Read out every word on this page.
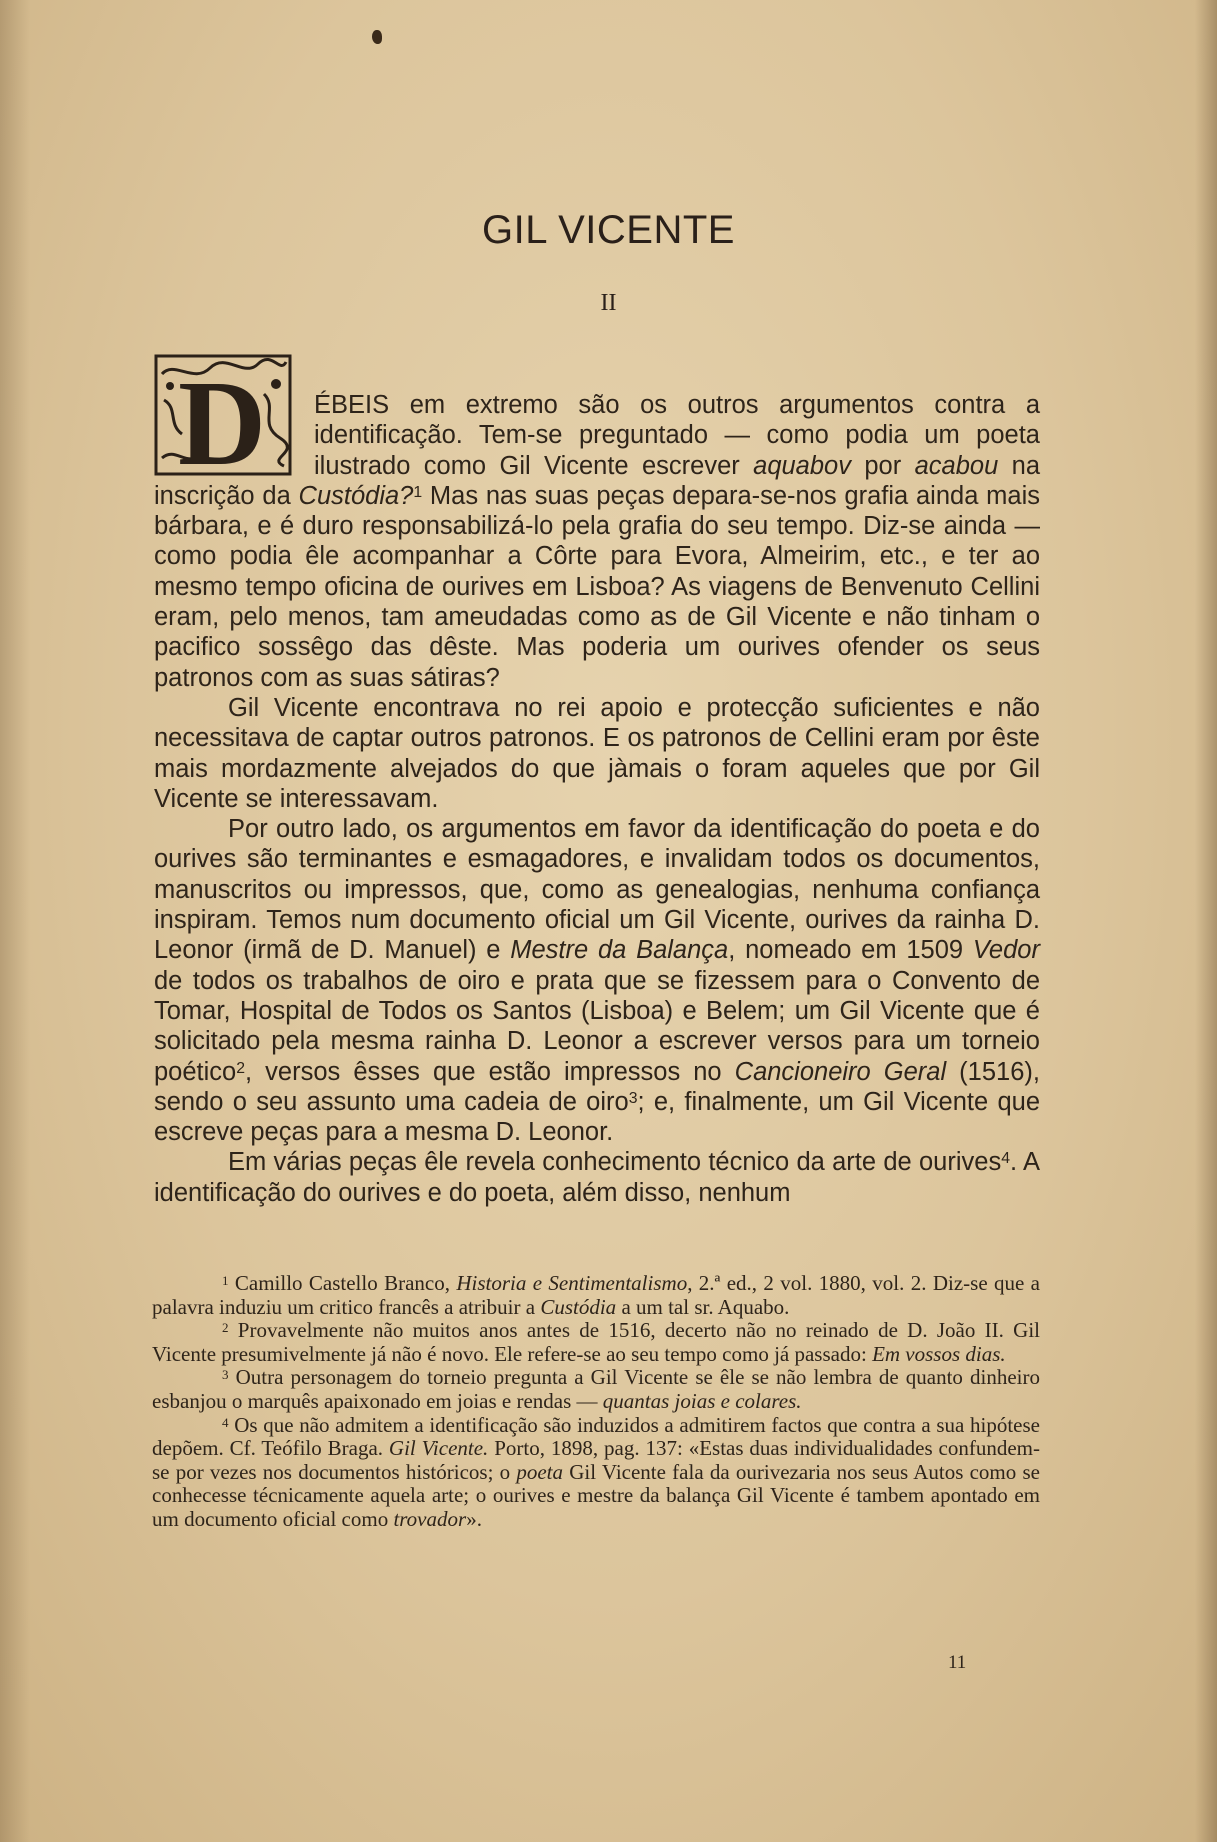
GIL VICENTE
II

D ÉBEIS em extremo são os outros argumentos contra a identificação. Tem-se preguntado — como podia um poeta ilustrado como Gil Vicente escrever aquabov por acabou na inscrição da Custódia?$^1$ Mas nas suas peças depara-se-nos grafia ainda mais bárbara, e é duro responsabilizá-lo pela grafia do seu tempo. Diz-se ainda — como podia êle acompanhar a Côrte para Evora, Almeirim, etc., e ter ao mesmo tempo oficina de ourives em Lisboa? As viagens de Benvenuto Cellini eram, pelo menos, tam ameudadas como as de Gil Vicente e não tinham o pacifico sossêgo das dêste. Mas poderia um ourives ofender os seus patronos com as suas sátiras?

Gil Vicente encontrava no rei apoio e protecção suficientes e não necessitava de captar outros patronos. E os patronos de Cellini eram por êste mais mordazmente alvejados do que jàmais o foram aqueles que por Gil Vicente se interessavam.

Por outro lado, os argumentos em favor da identificação do poeta e do ourives são terminantes e esmagadores, e invalidam todos os documentos, manuscritos ou impressos, que, como as genealogias, nenhuma confiança inspiram. Temos num documento oficial um Gil Vicente, ourives da rainha D. Leonor (irmã de D. Manuel) e Mestre da Balança, nomeado em 1509 Vedor de todos os trabalhos de oiro e prata que se fizessem para o Convento de Tomar, Hospital de Todos os Santos (Lisboa) e Belem; um Gil Vicente que é solicitado pela mesma rainha D. Leonor a escrever versos para um torneio poético$^2$, versos êsses que estão impressos no Cancioneiro Geral (1516), sendo o seu assunto uma cadeia de oiro$^3$; e, finalmente, um Gil Vicente que escreve peças para a mesma D. Leonor.

Em várias peças êle revela conhecimento técnico da arte de ourives$^4$. A identificação do ourives e do poeta, além disso, nenhum

$^1$ Camillo Castello Branco, Historia e Sentimentalismo, 2.ª ed., 2 vol. 1880, vol. 2. Diz-se que a palavra induziu um critico francês a atribuir a Custódia a um tal sr. Aquabo.

$^2$ Provavelmente não muitos anos antes de 1516, decerto não no reinado de D. João II. Gil Vicente presumivelmente já não é novo. Ele refere-se ao seu tempo como já passado: Em vossos dias.

$^3$ Outra personagem do torneio pregunta a Gil Vicente se êle se não lembra de quanto dinheiro esbanjou o marquês apaixonado em joias e rendas — quantas joias e colares.

$^4$ Os que não admitem a identificação são induzidos a admitirem factos que contra a sua hipótese depõem. Cf. Teófilo Braga. Gil Vicente. Porto, 1898, pag. 137: «Estas duas individualidades confundem-se por vezes nos documentos históricos; o poeta Gil Vicente fala da ourivezaria nos seus Autos como se conhecesse técnicamente aquela arte; o ourives e mestre da balança Gil Vicente é tambem apontado em um documento oficial como trovador».

11
